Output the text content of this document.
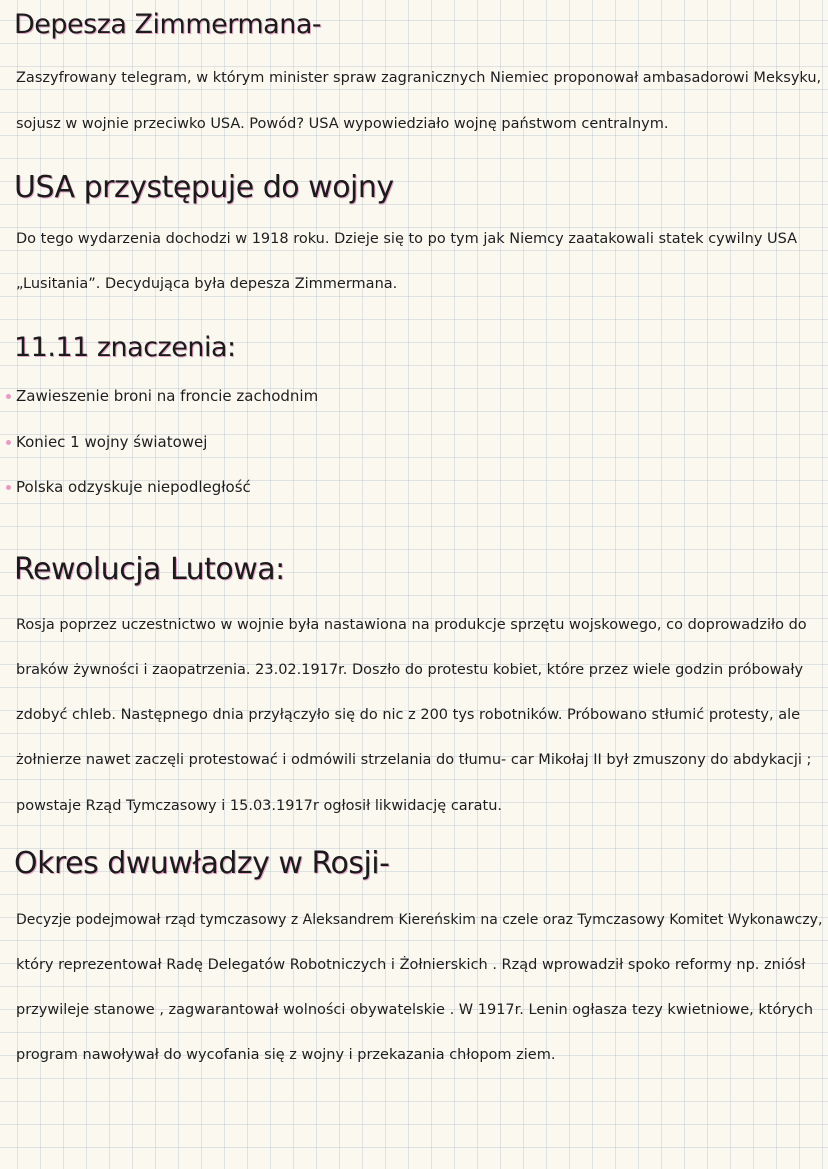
Depesza Zimmermana-

Zaszyfrowany telegram, w którym minister spraw zagranicznych Niemiec proponował ambasadorowi Meksyku,

sojusz w wojnie przeciwko USA. Powód? USA wypowiedziało wojnę państwom centralnym.

USA przystępuje do wojny

Do tego wydarzenia dochodzi w 1918 roku. Dzieje się to po tym jak Niemcy zaatakowali statek cywilny USA

„Lusitania”. Decydująca była depesza Zimmermana.

11.11 znaczenia:
Zawieszenie broni na froncie zachodnim
Koniec 1 wojny światowej
Polska odzyskuje niepodległość
Rewolucja Lutowa:

Rosja poprzez uczestnictwo w wojnie była nastawiona na produkcje sprzętu wojskowego, co doprowadziło do

braków żywności i zaopatrzenia. 23.02.1917r. Doszło do protestu kobiet, które przez wiele godzin próbowały

zdobyć chleb. Następnego dnia przyłączyło się do nic z 200 tys robotników. Próbowano stłumić protesty, ale

żołnierze nawet zaczęli protestować i odmówili strzelania do tłumu- car Mikołaj II był zmuszony do abdykacji ;

powstaje Rząd Tymczasowy i 15.03.1917r ogłosił likwidację caratu.

Okres dwuwładzy w Rosji-

Decyzje podejmował rząd tymczasowy z Aleksandrem Kiereńskim na czele oraz Tymczasowy Komitet Wykonawczy,

który reprezentował Radę Delegatów Robotniczych i Żołnierskich . Rząd wprowadził spoko reformy np. zniósł

przywileje stanowe , zagwarantował wolności obywatelskie . W 1917r. Lenin ogłasza tezy kwietniowe, których

program nawoływał do wycofania się z wojny i przekazania chłopom ziem.
